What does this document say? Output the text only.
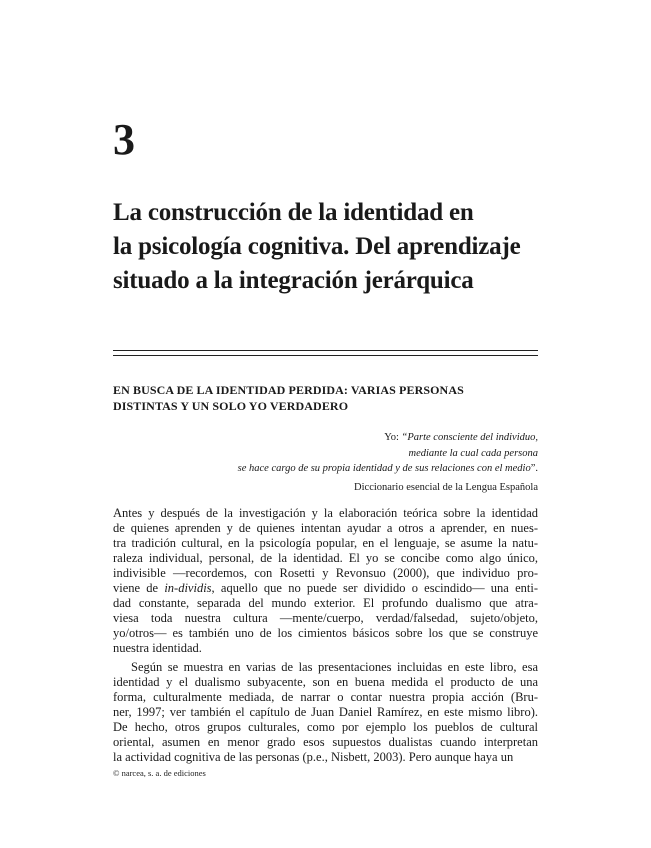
3
La construcción de la identidad en
la psicología cognitiva. Del aprendizaje
situado a la integración jerárquica
EN BUSCA DE LA IDENTIDAD PERDIDA: VARIAS PERSONAS
DISTINTAS Y UN SOLO YO VERDADERO
Yo: “Parte consciente del individuo,
mediante la cual cada persona
se hace cargo de su propia identidad y de sus relaciones con el medio”.
Diccionario esencial de la Lengua Española
Antes y después de la investigación y la elaboración teórica sobre la identidad
de quienes aprenden y de quienes intentan ayudar a otros a aprender, en nues-
tra tradición cultural, en la psicología popular, en el lenguaje, se asume la natu-
raleza individual, personal, de la identidad. El yo se concibe como algo único,
indivisible —recordemos, con Rosetti y Revonsuo (2000), que individuo pro-
viene de in-dividis, aquello que no puede ser dividido o escindido— una enti-
dad constante, separada del mundo exterior. El profundo dualismo que atra-
viesa toda nuestra cultura —mente/cuerpo, verdad/falsedad, sujeto/objeto,
yo/otros— es también uno de los cimientos básicos sobre los que se construye
nuestra identidad.
Según se muestra en varias de las presentaciones incluidas en este libro, esa
identidad y el dualismo subyacente, son en buena medida el producto de una
forma, culturalmente mediada, de narrar o contar nuestra propia acción (Bru-
ner, 1997; ver también el capítulo de Juan Daniel Ramírez, en este mismo libro).
De hecho, otros grupos culturales, como por ejemplo los pueblos de cultural
oriental, asumen en menor grado esos supuestos dualistas cuando interpretan
la actividad cognitiva de las personas (p.e., Nisbett, 2003). Pero aunque haya un

© narcea, s. a. de ediciones
